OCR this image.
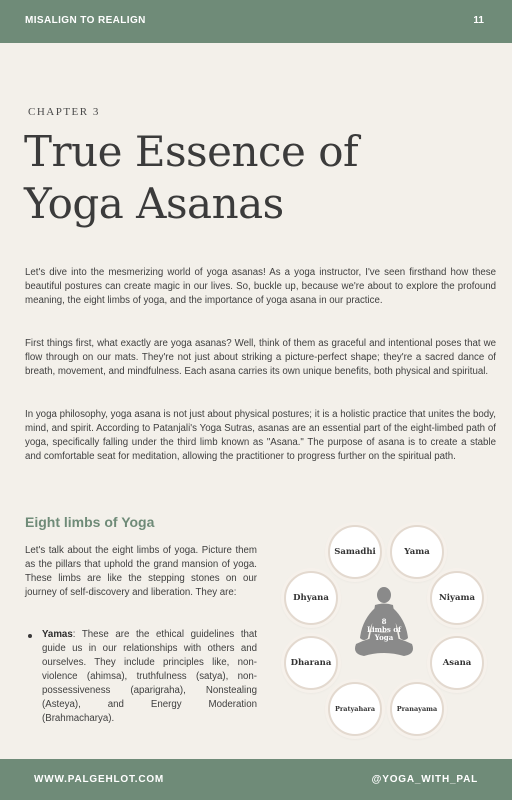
MISALIGN TO REALIGN	11
CHAPTER 3
True Essence of
Yoga Asanas

Let's dive into the mesmerizing world of yoga asanas! As a yoga instructor, I've seen firsthand how these beautiful postures can create magic in our lives. So, buckle up, because we're about to explore the profound meaning, the eight limbs of yoga, and the importance of yoga asana in our practice.

First things first, what exactly are yoga asanas? Well, think of them as graceful and intentional poses that we flow through on our mats. They're not just about striking a picture-perfect shape; they're a sacred dance of breath, movement, and mindfulness. Each asana carries its own unique benefits, both physical and spiritual.

In yoga philosophy, yoga asana is not just about physical postures; it is a holistic practice that unites the body, mind, and spirit. According to Patanjali's Yoga Sutras, asanas are an essential part of the eight-limbed path of yoga, specifically falling under the third limb known as "Asana." The purpose of asana is to create a stable and comfortable seat for meditation, allowing the practitioner to progress further on the spiritual path.

Eight limbs of Yoga

Let's talk about the eight limbs of yoga. Picture them as the pillars that uphold the grand mansion of yoga. These limbs are like the stepping stones on our journey of self-discovery and liberation. They are:

Yamas: These are the ethical guidelines that guide us in our relationships with others and ourselves. They include principles like, non-violence (ahimsa), truthfulness (satya), non-possessiveness (aparigraha), Nonstealing (Asteya), and Energy Moderation (Brahmacharya).
8
Limbs of
Yoga
Samadhi	Yama
Niyama
Asana
Pranayama
Pratyahara
Dharana
Dhyana
WWW.PALGEHLOT.COM	@YOGA_WITH_PAL
